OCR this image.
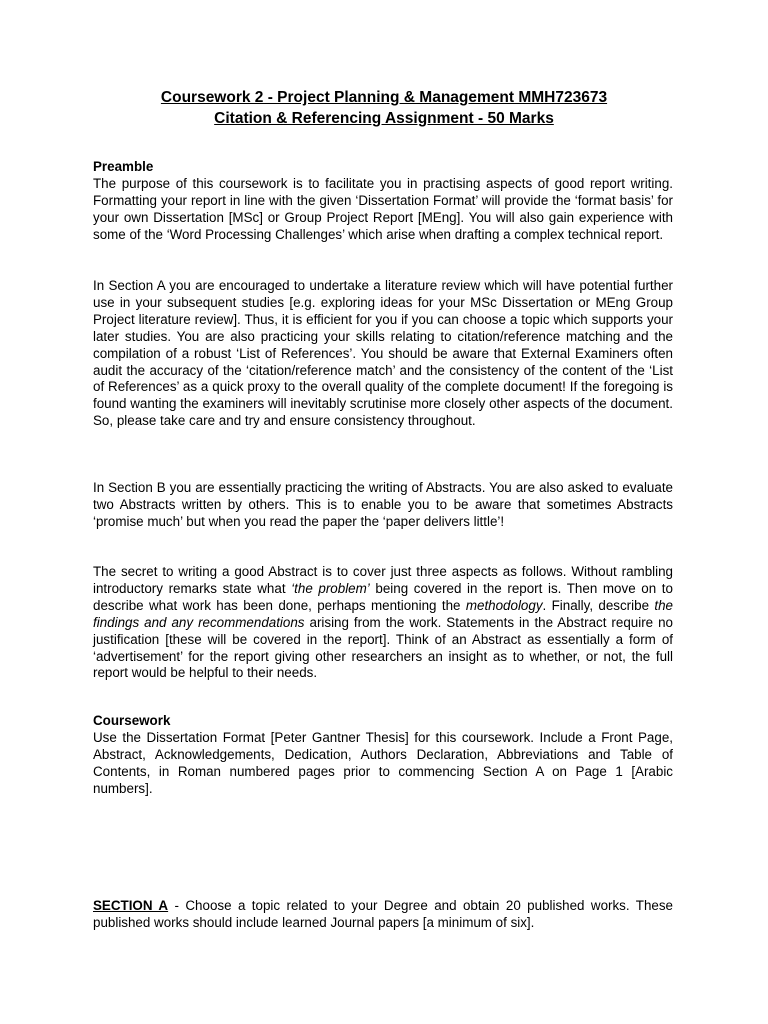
Coursework 2 - Project Planning & Management MMH723673
Citation & Referencing Assignment - 50 Marks
Preamble

The purpose of this coursework is to facilitate you in practising aspects of good report writing. Formatting your report in line with the given ‘Dissertation Format’ will provide the ‘format basis’ for your own Dissertation [MSc] or Group Project Report [MEng]. You will also gain experience with some of the ‘Word Processing Challenges’ which arise when drafting a complex technical report.

In Section A you are encouraged to undertake a literature review which will have potential further use in your subsequent studies [e.g. exploring ideas for your MSc Dissertation or MEng Group Project literature review]. Thus, it is efficient for you if you can choose a topic which supports your later studies. You are also practicing your skills relating to citation/reference matching and the compilation of a robust ‘List of References’. You should be aware that External Examiners often audit the accuracy of the ‘citation/reference match’ and the consistency of the content of the ‘List of References’ as a quick proxy to the overall quality of the complete document! If the foregoing is found wanting the examiners will inevitably scrutinise more closely other aspects of the document. So, please take care and try and ensure consistency throughout.

In Section B you are essentially practicing the writing of Abstracts. You are also asked to evaluate two Abstracts written by others. This is to enable you to be aware that sometimes Abstracts ‘promise much’ but when you read the paper the ‘paper delivers little’!

The secret to writing a good Abstract is to cover just three aspects as follows. Without rambling introductory remarks state what ‘the problem’ being covered in the report is. Then move on to describe what work has been done, perhaps mentioning the methodology. Finally, describe the findings and any recommendations arising from the work. Statements in the Abstract require no justification [these will be covered in the report]. Think of an Abstract as essentially a form of ‘advertisement’ for the report giving other researchers an insight as to whether, or not, the full report would be helpful to their needs.

Coursework

Use the Dissertation Format [Peter Gantner Thesis] for this coursework. Include a Front Page, Abstract, Acknowledgements, Dedication, Authors Declaration, Abbreviations and Table of Contents, in Roman numbered pages prior to commencing Section A on Page 1 [Arabic numbers].

SECTION A - Choose a topic related to your Degree and obtain 20 published works. These published works should include learned Journal papers [a minimum of six].
